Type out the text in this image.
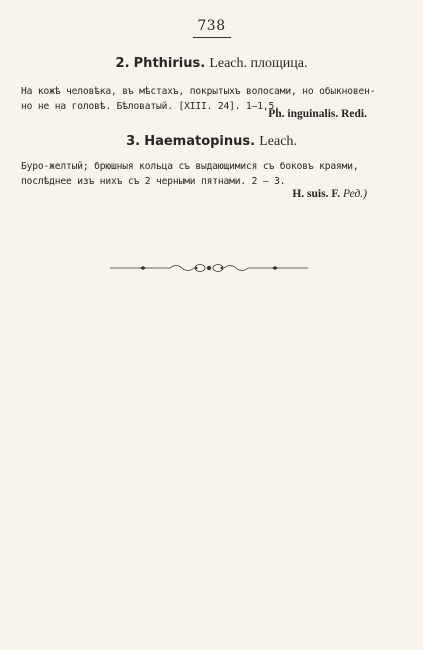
738
2. Phthirius. Leach. площица.
На кожѣ человѣка, въ мѣстахъ, покрытыхъ волосами, но обыкновен-
но не на головѣ. Бѣловатый. [XIII. 24]. 1—1,5.
Ph. inguinalis. Redi.
3. Haematopinus. Leach.
Буро-желтый; брюшныя кольца съ выдающимися съ боковъ краями,
послѣднее изъ нихъ съ 2 черными пятнами. 2 — 3.
H. suis. F. Ред.)
